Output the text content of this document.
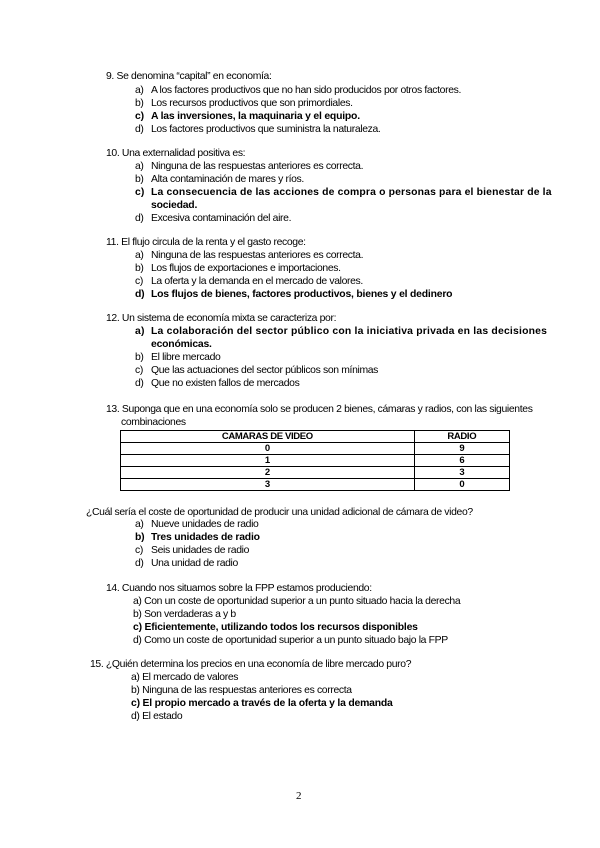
9. Se denomina “capital” en economía:
a) A los factores productivos que no han sido producidos por otros factores.
b) Los recursos productivos que son primordiales.
c) A las inversiones, la maquinaria y el equipo.
d) Los factores productivos que suministra la naturaleza.
10. Una externalidad positiva es:
a) Ninguna de las respuestas anteriores es correcta.
b) Alta contaminación de mares y ríos.
c) La consecuencia de las acciones de compra o personas para el bienestar de la
sociedad.
d) Excesiva contaminación del aire.
11. El flujo circula de la renta y el gasto recoge:
a) Ninguna de las respuestas anteriores es correcta.
b) Los flujos de exportaciones e importaciones.
c) La oferta y la demanda en el mercado de valores.
d) Los flujos de bienes, factores productivos, bienes y el dedinero
12. Un sistema de economía mixta se caracteriza por:
a) La colaboración del sector público con la iniciativa privada en las decisiones
económicas.
b) El libre mercado
c) Que las actuaciones del sector públicos son mínimas
d) Que no existen fallos de mercados
13. Suponga que en una economía solo se producen 2 bienes, cámaras y radios, con las siguientes
combinaciones
CAMARAS DE VIDEO	RADIO
0	9
1	6
2	3
3	0
¿Cuál sería el coste de oportunidad de producir una unidad adicional de cámara de video?
a) Nueve unidades de radio
b) Tres unidades de radio
c) Seis unidades de radio
d) Una unidad de radio
14. Cuando nos situamos sobre la FPP estamos produciendo:
a) Con un coste de oportunidad superior a un punto situado hacia la derecha
b) Son verdaderas a y b
c) Eficientemente, utilizando todos los recursos disponibles
d) Como un coste de oportunidad superior a un punto situado bajo la FPP
15. ¿Quién determina los precios en una economía de libre mercado puro?
a) El mercado de valores
b) Ninguna de las respuestas anteriores es correcta
c) El propio mercado a través de la oferta y la demanda
d) El estado
2
